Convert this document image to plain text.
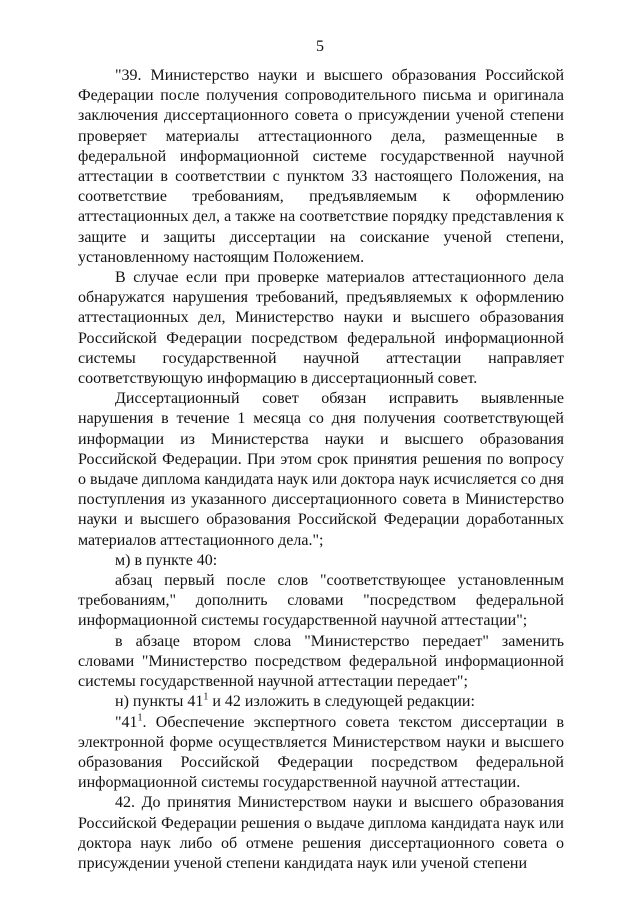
5

"39. Министерство науки и высшего образования Российской Федерации после получения сопроводительного письма и оригинала заключения диссертационного совета о присуждении ученой степени проверяет материалы аттестационного дела, размещенные в федеральной информационной системе государственной научной аттестации в соответствии с пунктом 33 настоящего Положения, на соответствие требованиям, предъявляемым к оформлению аттестационных дел, а также на соответствие порядку представления к защите и защиты диссертации на соискание ученой степени, установленному настоящим Положением.

В случае если при проверке материалов аттестационного дела обнаружатся нарушения требований, предъявляемых к оформлению аттестационных дел, Министерство науки и высшего образования Российской Федерации посредством федеральной информационной системы государственной научной аттестации направляет соответствующую информацию в диссертационный совет.

Диссертационный совет обязан исправить выявленные нарушения в течение 1 месяца со дня получения соответствующей информации из Министерства науки и высшего образования Российской Федерации. При этом срок принятия решения по вопросу о выдаче диплома кандидата наук или доктора наук исчисляется со дня поступления из указанного диссертационного совета в Министерство науки и высшего образования Российской Федерации доработанных материалов аттестационного дела.";

м) в пункте 40:

абзац первый после слов "соответствующее установленным требованиям," дополнить словами "посредством федеральной информационной системы государственной научной аттестации";

в абзаце втором слова "Министерство передает" заменить словами "Министерство посредством федеральной информационной системы государственной научной аттестации передает";

н) пункты $41^1$ и 42 изложить в следующей редакции:

"$41^1$. Обеспечение экспертного совета текстом диссертации в электронной форме осуществляется Министерством науки и высшего образования Российской Федерации посредством федеральной информационной системы государственной научной аттестации.

42. До принятия Министерством науки и высшего образования Российской Федерации решения о выдаче диплома кандидата наук или доктора наук либо об отмене решения диссертационного совета о присуждении ученой степени кандидата наук или ученой степени
